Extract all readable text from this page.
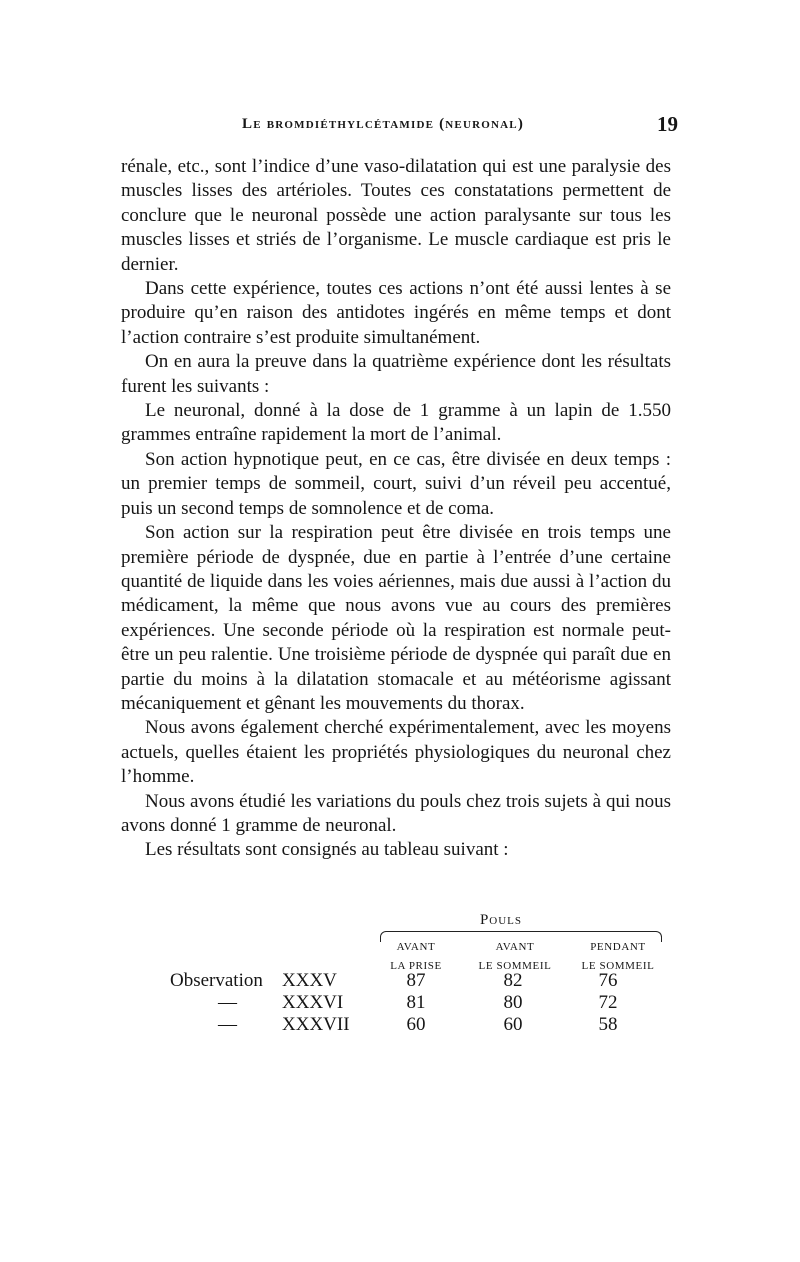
Le bromdiéthylcétamide (neuronal)	19

rénale, etc., sont l’indice d’une vaso-dilatation qui est une paralysie des muscles lisses des artérioles. Toutes ces constatations permettent de conclure que le neuronal possède une action paralysante sur tous les muscles lisses et striés de l’organisme. Le muscle cardiaque est pris le dernier.

Dans cette expérience, toutes ces actions n’ont été aussi lentes à se produire qu’en raison des antidotes ingérés en même temps et dont l’action contraire s’est produite simultanément.

On en aura la preuve dans la quatrième expérience dont les résultats furent les suivants :

Le neuronal, donné à la dose de 1 gramme à un lapin de 1.550 grammes entraîne rapidement la mort de l’animal.

Son action hypnotique peut, en ce cas, être divisée en deux temps : un premier temps de sommeil, court, suivi d’un réveil peu accentué, puis un second temps de somnolence et de coma.

Son action sur la respiration peut être divisée en trois temps une première période de dyspnée, due en partie à l’entrée d’une certaine quantité de liquide dans les voies aériennes, mais due aussi à l’action du médicament, la même que nous avons vue au cours des premières expériences. Une seconde période où la respiration est normale peut-être un peu ralentie. Une troisième période de dyspnée qui paraît due en partie du moins à la dilatation stomacale et au météorisme agissant mécaniquement et gênant les mouvements du thorax.

Nous avons également cherché expérimentalement, avec les moyens actuels, quelles étaient les propriétés physiologiques du neuronal chez l’homme.

Nous avons étudié les variations du pouls chez trois sujets à qui nous avons donné 1 gramme de neuronal.

Les résultats sont consignés au tableau suivant :

Pouls
AVANT
LA PRISE
AVANT
LE SOMMEIL
PENDANT
LE SOMMEIL
Observation XXXV	87	82	76
— XXXVI	81	80	72
— XXXVII	60	60	58
